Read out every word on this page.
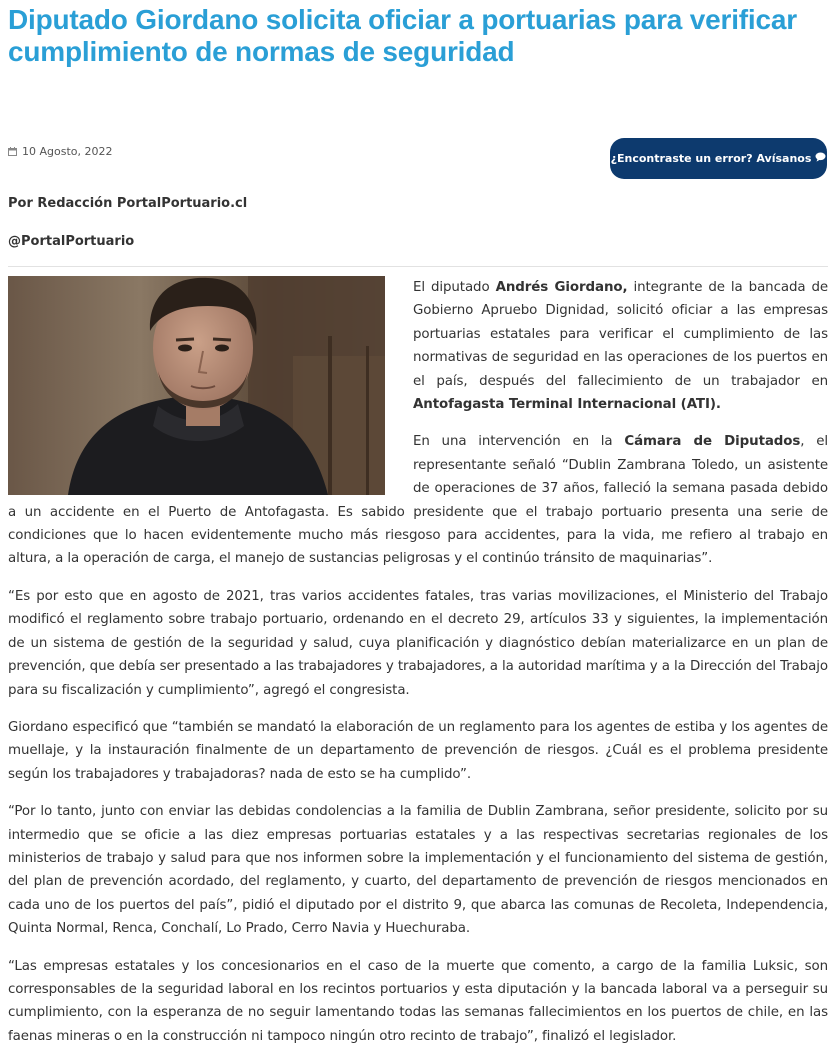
Diputado Giordano solicita oficiar a portuarias para verificar cumplimiento de normas de seguridad
10 Agosto, 2022
¿Encontraste un error? Avísanos

Por Redacción PortalPortuario.cl

@PortalPortuario

El diputado Andrés Giordano, integrante de la bancada de Gobierno Apruebo Dignidad, solicitó oficiar a las empresas portuarias estatales para verificar el cumplimiento de las normativas de seguridad en las operaciones de los puertos en el país, después del fallecimiento de un trabajador en Antofagasta Terminal Internacional (ATI).

En una intervención en la Cámara de Diputados, el representante señaló “Dublin Zambrana Toledo, un asistente de operaciones de 37 años, falleció la semana pasada debido a un accidente en el Puerto de Antofagasta. Es sabido presidente que el trabajo portuario presenta una serie de condiciones que lo hacen evidentemente mucho más riesgoso para accidentes, para la vida, me refiero al trabajo en altura, a la operación de carga, el manejo de sustancias peligrosas y el continúo tránsito de maquinarias”.

“Es por esto que en agosto de 2021, tras varios accidentes fatales, tras varias movilizaciones, el Ministerio del Trabajo modificó el reglamento sobre trabajo portuario, ordenando en el decreto 29, artículos 33 y siguientes, la implementación de un sistema de gestión de la seguridad y salud, cuya planificación y diagnóstico debían materializarce en un plan de prevención, que debía ser presentado a las trabajadores y trabajadores, a la autoridad marítima y a la Dirección del Trabajo para su fiscalización y cumplimiento”, agregó el congresista.

Giordano especificó que “también se mandató la elaboración de un reglamento para los agentes de estiba y los agentes de muellaje, y la instauración finalmente de un departamento de prevención de riesgos. ¿Cuál es el problema presidente según los trabajadores y trabajadoras? nada de esto se ha cumplido”.

“Por lo tanto, junto con enviar las debidas condolencias a la familia de Dublin Zambrana, señor presidente, solicito por su intermedio que se oficie a las diez empresas portuarias estatales y a las respectivas secretarias regionales de los ministerios de trabajo y salud para que nos informen sobre la implementación y el funcionamiento del sistema de gestión, del plan de prevención acordado, del reglamento, y cuarto, del departamento de prevención de riesgos mencionados en cada uno de los puertos del país”, pidió el diputado por el distrito 9, que abarca las comunas de Recoleta, Independencia, Quinta Normal, Renca, Conchalí, Lo Prado, Cerro Navia y Huechuraba.

“Las empresas estatales y los concesionarios en el caso de la muerte que comento, a cargo de la familia Luksic, son corresponsables de la seguridad laboral en los recintos portuarios y esta diputación y la bancada laboral va a perseguir su cumplimiento, con la esperanza de no seguir lamentando todas las semanas fallecimientos en los puertos de chile, en las faenas mineras o en la construcción ni tampoco ningún otro recinto de trabajo”, finalizó el legislador.
